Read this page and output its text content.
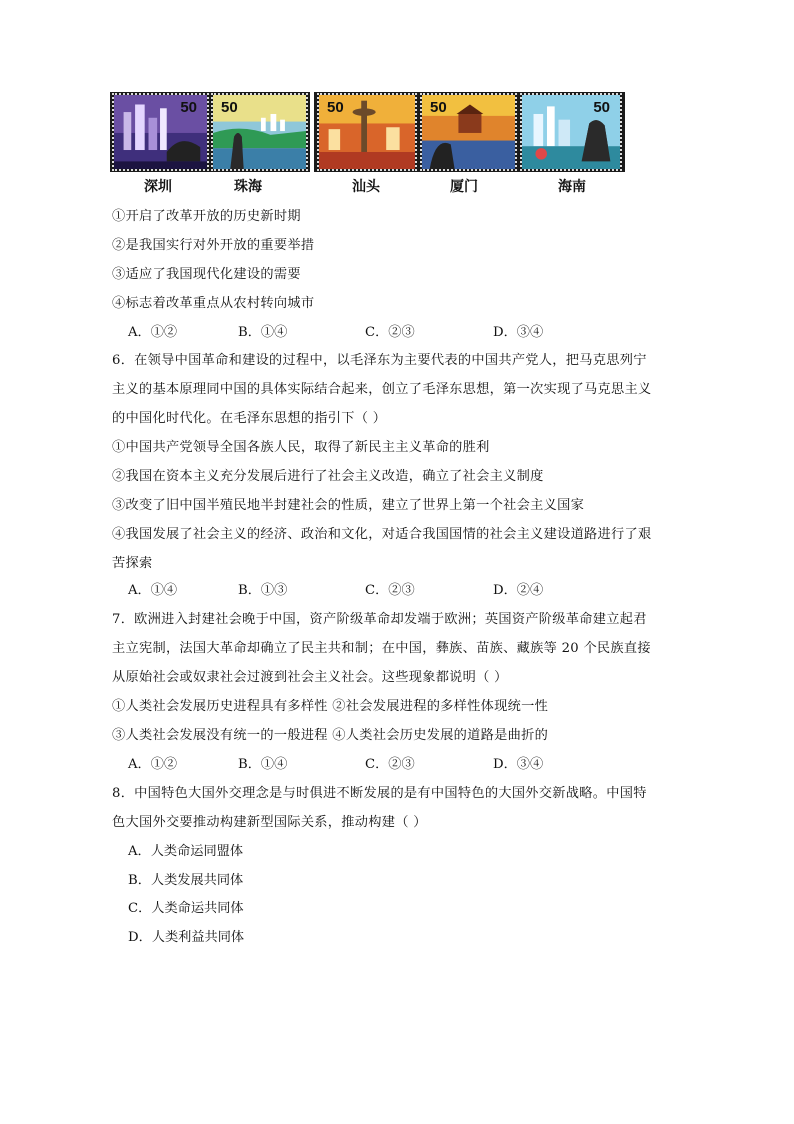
50 50	50	50	50
深圳	珠海	汕头	厦门	海南
①开启了改革开放的历史新时期
②是我国实行对外开放的重要举措
③适应了我国现代化建设的需要
④标志着改革重点从农村转向城市
A．①②	B．①④	C．②③	D．③④
6．在领导中国革命和建设的过程中，以毛泽东为主要代表的中国共产党人，把马克思列宁
主义的基本原理同中国的具体实际结合起来，创立了毛泽东思想，第一次实现了马克思主义
的中国化时代化。在毛泽东思想的指引下（ ）
①中国共产党领导全国各族人民，取得了新民主主义革命的胜利
②我国在资本主义充分发展后进行了社会主义改造，确立了社会主义制度
③改变了旧中国半殖民地半封建社会的性质，建立了世界上第一个社会主义国家
④我国发展了社会主义的经济、政治和文化，对适合我国国情的社会主义建设道路进行了艰
苦探索
A．①④	B．①③	C．②③	D．②④
7．欧洲进入封建社会晚于中国，资产阶级革命却发端于欧洲；英国资产阶级革命建立起君
主立宪制，法国大革命却确立了民主共和制；在中国，彝族、苗族、藏族等 20 个民族直接
从原始社会或奴隶社会过渡到社会主义社会。这些现象都说明（ ）
①人类社会发展历史进程具有多样性 ②社会发展进程的多样性体现统一性
③人类社会发展没有统一的一般进程 ④人类社会历史发展的道路是曲折的
A．①②	B．①④	C．②③	D．③④
8．中国特色大国外交理念是与时俱进不断发展的是有中国特色的大国外交新战略。中国特
色大国外交要推动构建新型国际关系，推动构建（ ）
A．人类命运同盟体
B．人类发展共同体
C．人类命运共同体
D．人类利益共同体
